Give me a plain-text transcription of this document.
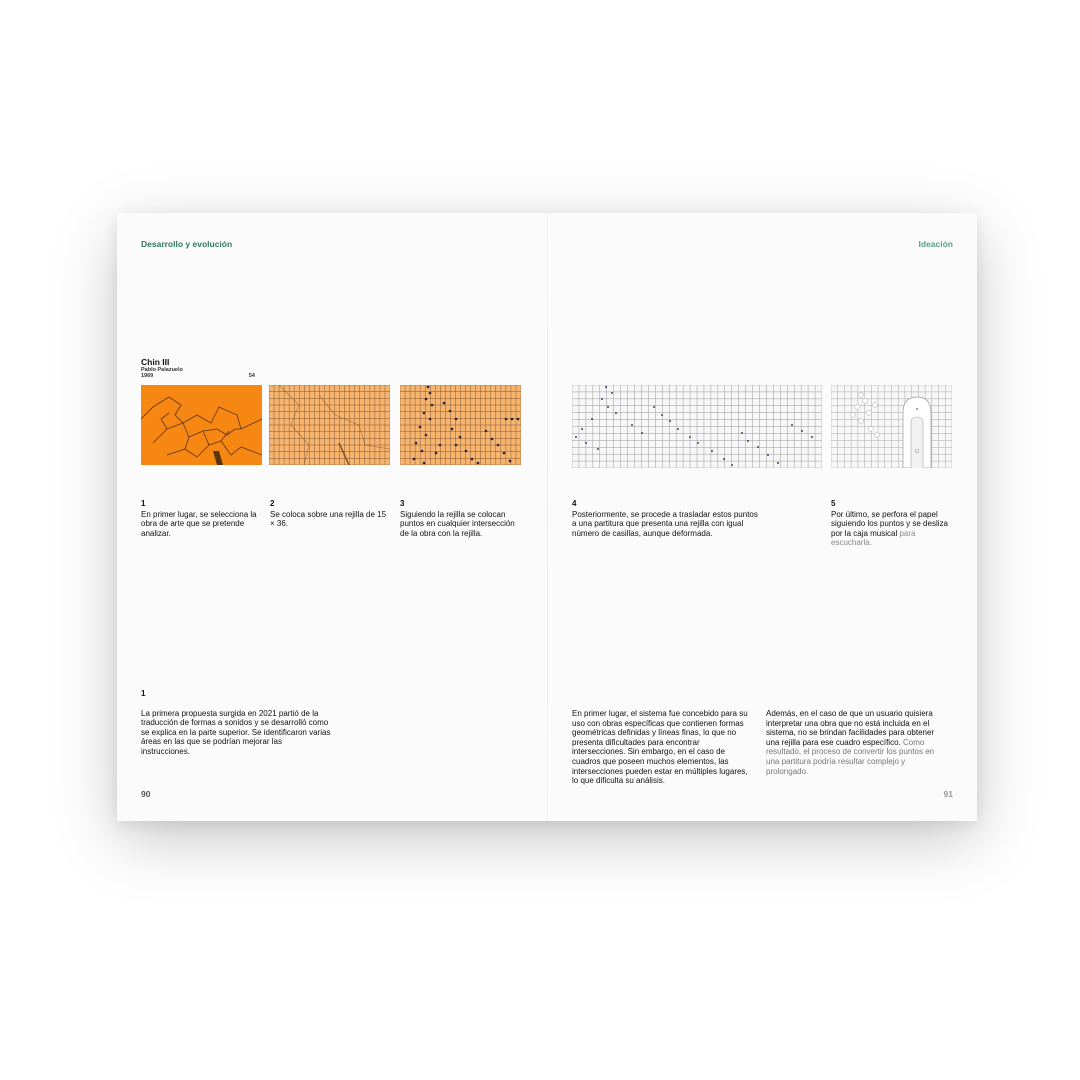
Desarrollo y evolución	Ideación
Chin III
Pablo Palazuelo
1969	54
1
En primer lugar, se selecciona la obra de arte que se pretende analizar.
2
Se coloca sobre una rejilla de 15 × 36.
3
Siguiendo la rejilla se colocan puntos en cualquier intersección de la obra con la rejilla.
4
Posteriormente, se procede a trasladar estos puntos a una partitura que presenta una rejilla con igual número de casillas, aunque deformada.
5
Por último, se perfora el papel siguiendo los puntos y se desliza por la caja musical para escucharla.
1
La primera propuesta surgida en 2021 partió de la traducción de formas a sonidos y se desarrolló como se explica en la parte superior. Se identificaron varias áreas en las que se podrían mejorar las instrucciones.
En primer lugar, el sistema fue concebido para su uso con obras específicas que contienen formas geométricas definidas y líneas finas, lo que no presenta dificultades para encontrar intersecciones. Sin embargo, en el caso de cuadros que poseen muchos elementos, las intersecciones pueden estar en múltiples lugares, lo que dificulta su análisis.
Además, en el caso de que un usuario quisiera interpretar una obra que no está incluida en el sistema, no se brindan facilidades para obtener una rejilla para ese cuadro específico. Como resultado, el proceso de convertir los puntos en una partitura podría resultar complejo y prolongado.
90	91
